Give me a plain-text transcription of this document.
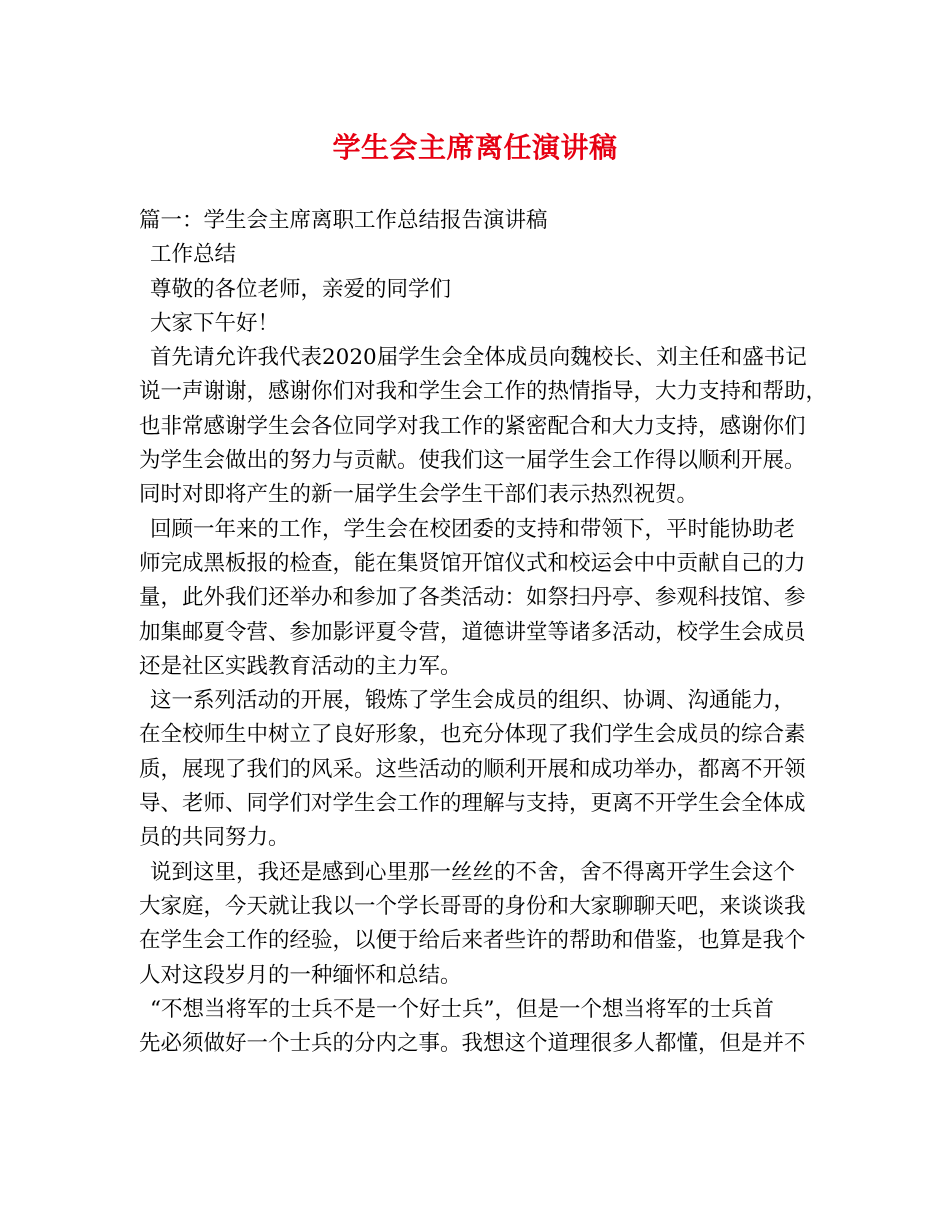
学生会主席离任演讲稿
篇一：学生会主席离职工作总结报告演讲稿
工作总结
尊敬的各位老师，亲爱的同学们
大家下午好！
首先请允许我代表2020届学生会全体成员向魏校长、刘主任和盛书记
说一声谢谢，感谢你们对我和学生会工作的热情指导，大力支持和帮助，
也非常感谢学生会各位同学对我工作的紧密配合和大力支持，感谢你们
为学生会做出的努力与贡献。使我们这一届学生会工作得以顺利开展。
同时对即将产生的新一届学生会学生干部们表示热烈祝贺。
回顾一年来的工作，学生会在校团委的支持和带领下，平时能协助老
师完成黑板报的检查，能在集贤馆开馆仪式和校运会中中贡献自己的力
量，此外我们还举办和参加了各类活动：如祭扫丹亭、参观科技馆、参
加集邮夏令营、参加影评夏令营，道德讲堂等诸多活动，校学生会成员
还是社区实践教育活动的主力军。
这一系列活动的开展，锻炼了学生会成员的组织、协调、沟通能力，
在全校师生中树立了良好形象，也充分体现了我们学生会成员的综合素
质，展现了我们的风采。这些活动的顺利开展和成功举办，都离不开领
导、老师、同学们对学生会工作的理解与支持，更离不开学生会全体成
员的共同努力。
说到这里，我还是感到心里那一丝丝的不舍，舍不得离开学生会这个
大家庭，今天就让我以一个学长哥哥的身份和大家聊聊天吧，来谈谈我
在学生会工作的经验，以便于给后来者些许的帮助和借鉴，也算是我个
人对这段岁月的一种缅怀和总结。
“不想当将军的士兵不是一个好士兵”，但是一个想当将军的士兵首
先必须做好一个士兵的分内之事。我想这个道理很多人都懂，但是并不
